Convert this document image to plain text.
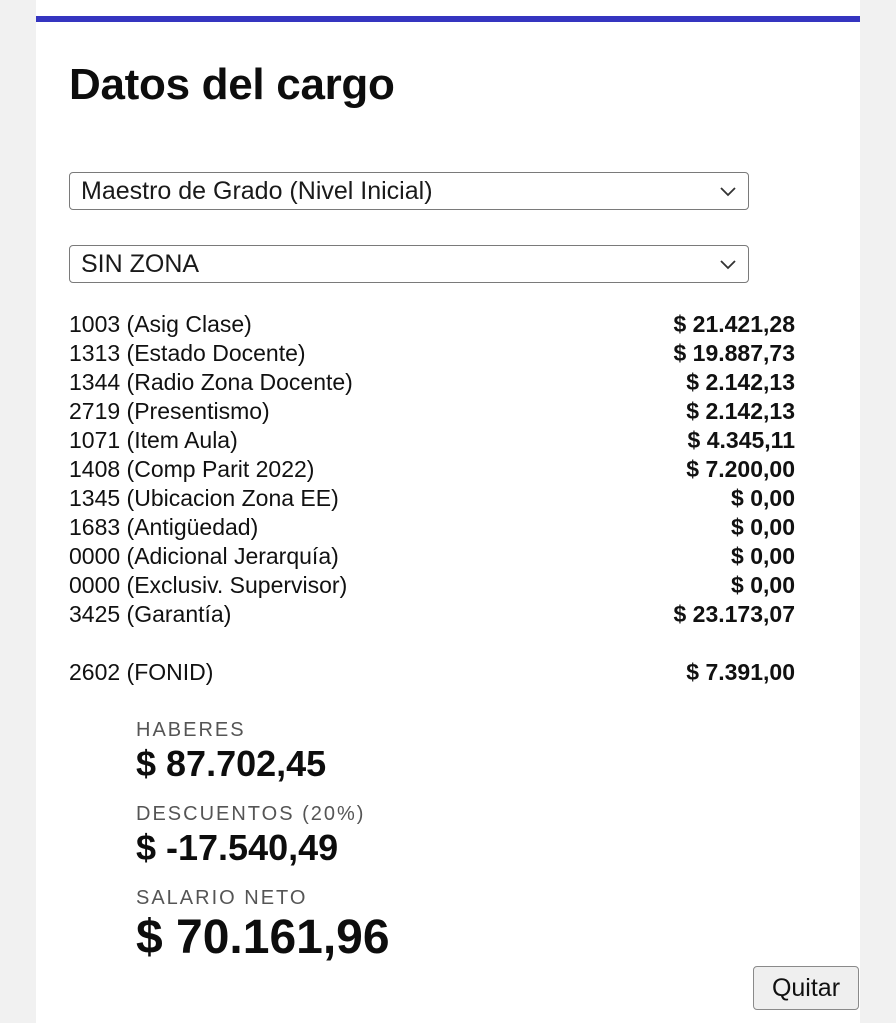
Datos del cargo
Maestro de Grado (Nivel Inicial)
SIN ZONA
1003 (Asig Clase)	$ 21.421,28
1313 (Estado Docente)	$ 19.887,73
1344 (Radio Zona Docente)	$ 2.142,13
2719 (Presentismo)	$ 2.142,13
1071 (Item Aula)	$ 4.345,11
1408 (Comp Parit 2022)	$ 7.200,00
1345 (Ubicacion Zona EE)	$ 0,00
1683 (Antigüedad)	$ 0,00
0000 (Adicional Jerarquía)	$ 0,00
0000 (Exclusiv. Supervisor)	$ 0,00
3425 (Garantía)	$ 23.173,07
2602 (FONID)	$ 7.391,00
HABERES
$ 87.702,45
DESCUENTOS (20%)
$ -17.540,49
SALARIO NETO
$ 70.161,96
Quitar
